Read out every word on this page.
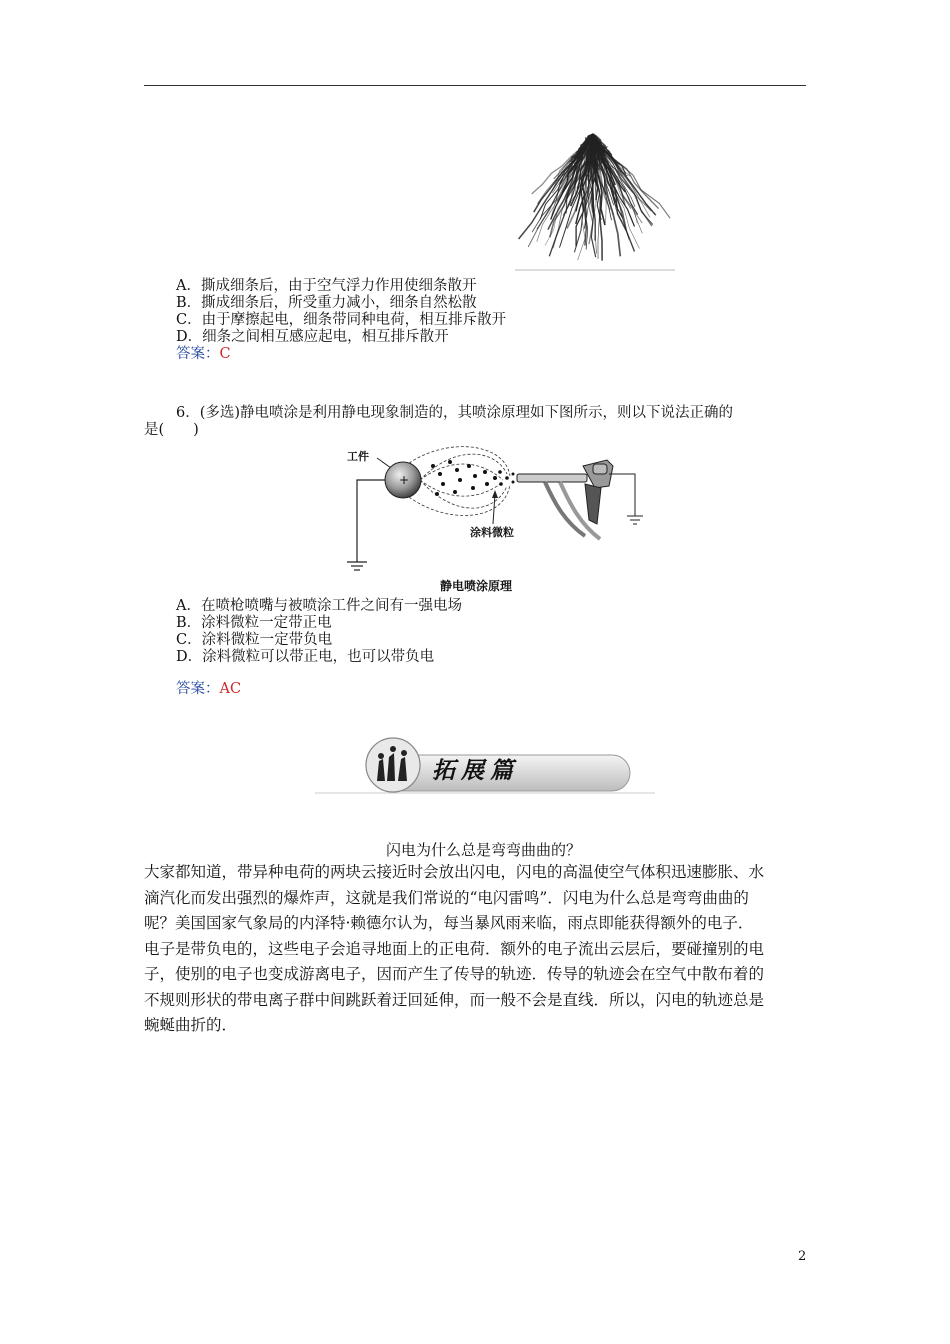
A．撕成细条后，由于空气浮力作用使细条散开
B．撕成细条后，所受重力减小，细条自然松散
C．由于摩擦起电，细条带同种电荷，相互排斥散开
D．细条之间相互感应起电，相互排斥散开
答案：C
6．(多选)静电喷涂是利用静电现象制造的，其喷涂原理如下图所示，则以下说法正确的
是(　　)
工件
+
涂料微粒
静电喷涂原理
A．在喷枪喷嘴与被喷涂工件之间有一强电场
B．涂料微粒一定带正电
C．涂料微粒一定带负电
D．涂料微粒可以带正电，也可以带负电
答案：AC
拓展篇
闪电为什么总是弯弯曲曲的？
大家都知道，带异种电荷的两块云接近时会放出闪电，闪电的高温使空气体积迅速膨胀、水
滴汽化而发出强烈的爆炸声，这就是我们常说的“电闪雷鸣”．闪电为什么总是弯弯曲曲的
呢？美国国家气象局的内泽特·赖德尔认为，每当暴风雨来临，雨点即能获得额外的电子．
电子是带负电的，这些电子会追寻地面上的正电荷．额外的电子流出云层后，要碰撞别的电
子，使别的电子也变成游离电子，因而产生了传导的轨迹．传导的轨迹会在空气中散布着的
不规则形状的带电离子群中间跳跃着迂回延伸，而一般不会是直线．所以，闪电的轨迹总是
蜿蜒曲折的．
2
